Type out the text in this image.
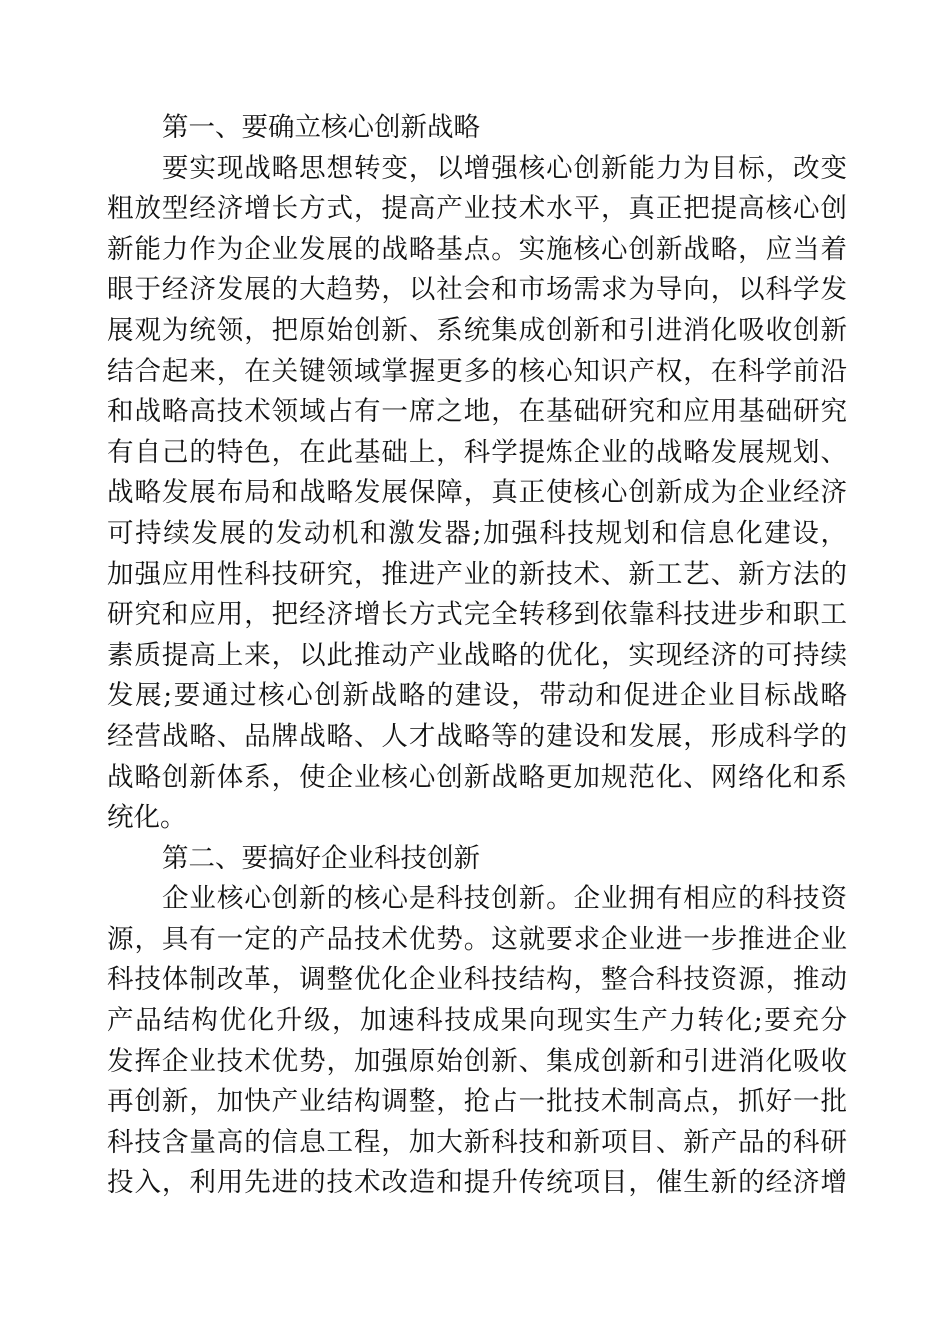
第一、要确立核心创新战略
要实现战略思想转变，以增强核心创新能力为目标，改变
粗放型经济增长方式，提高产业技术水平，真正把提高核心创
新能力作为企业发展的战略基点。实施核心创新战略，应当着
眼于经济发展的大趋势，以社会和市场需求为导向，以科学发
展观为统领，把原始创新、系统集成创新和引进消化吸收创新
结合起来，在关键领域掌握更多的核心知识产权，在科学前沿
和战略高技术领域占有一席之地，在基础研究和应用基础研究
有自己的特色，在此基础上，科学提炼企业的战略发展规划、
战略发展布局和战略发展保障，真正使核心创新成为企业经济
可持续发展的发动机和激发器;加强科技规划和信息化建设，
加强应用性科技研究，推进产业的新技术、新工艺、新方法的
研究和应用，把经济增长方式完全转移到依靠科技进步和职工
素质提高上来，以此推动产业战略的优化，实现经济的可持续
发展;要通过核心创新战略的建设，带动和促进企业目标战略
经营战略、品牌战略、人才战略等的建设和发展，形成科学的
战略创新体系，使企业核心创新战略更加规范化、网络化和系
统化。
第二、要搞好企业科技创新
企业核心创新的核心是科技创新。企业拥有相应的科技资
源，具有一定的产品技术优势。这就要求企业进一步推进企业
科技体制改革，调整优化企业科技结构，整合科技资源，推动
产品结构优化升级，加速科技成果向现实生产力转化;要充分
发挥企业技术优势，加强原始创新、集成创新和引进消化吸收
再创新，加快产业结构调整，抢占一批技术制高点，抓好一批
科技含量高的信息工程，加大新科技和新项目、新产品的科研
投入，利用先进的技术改造和提升传统项目，催生新的经济增
